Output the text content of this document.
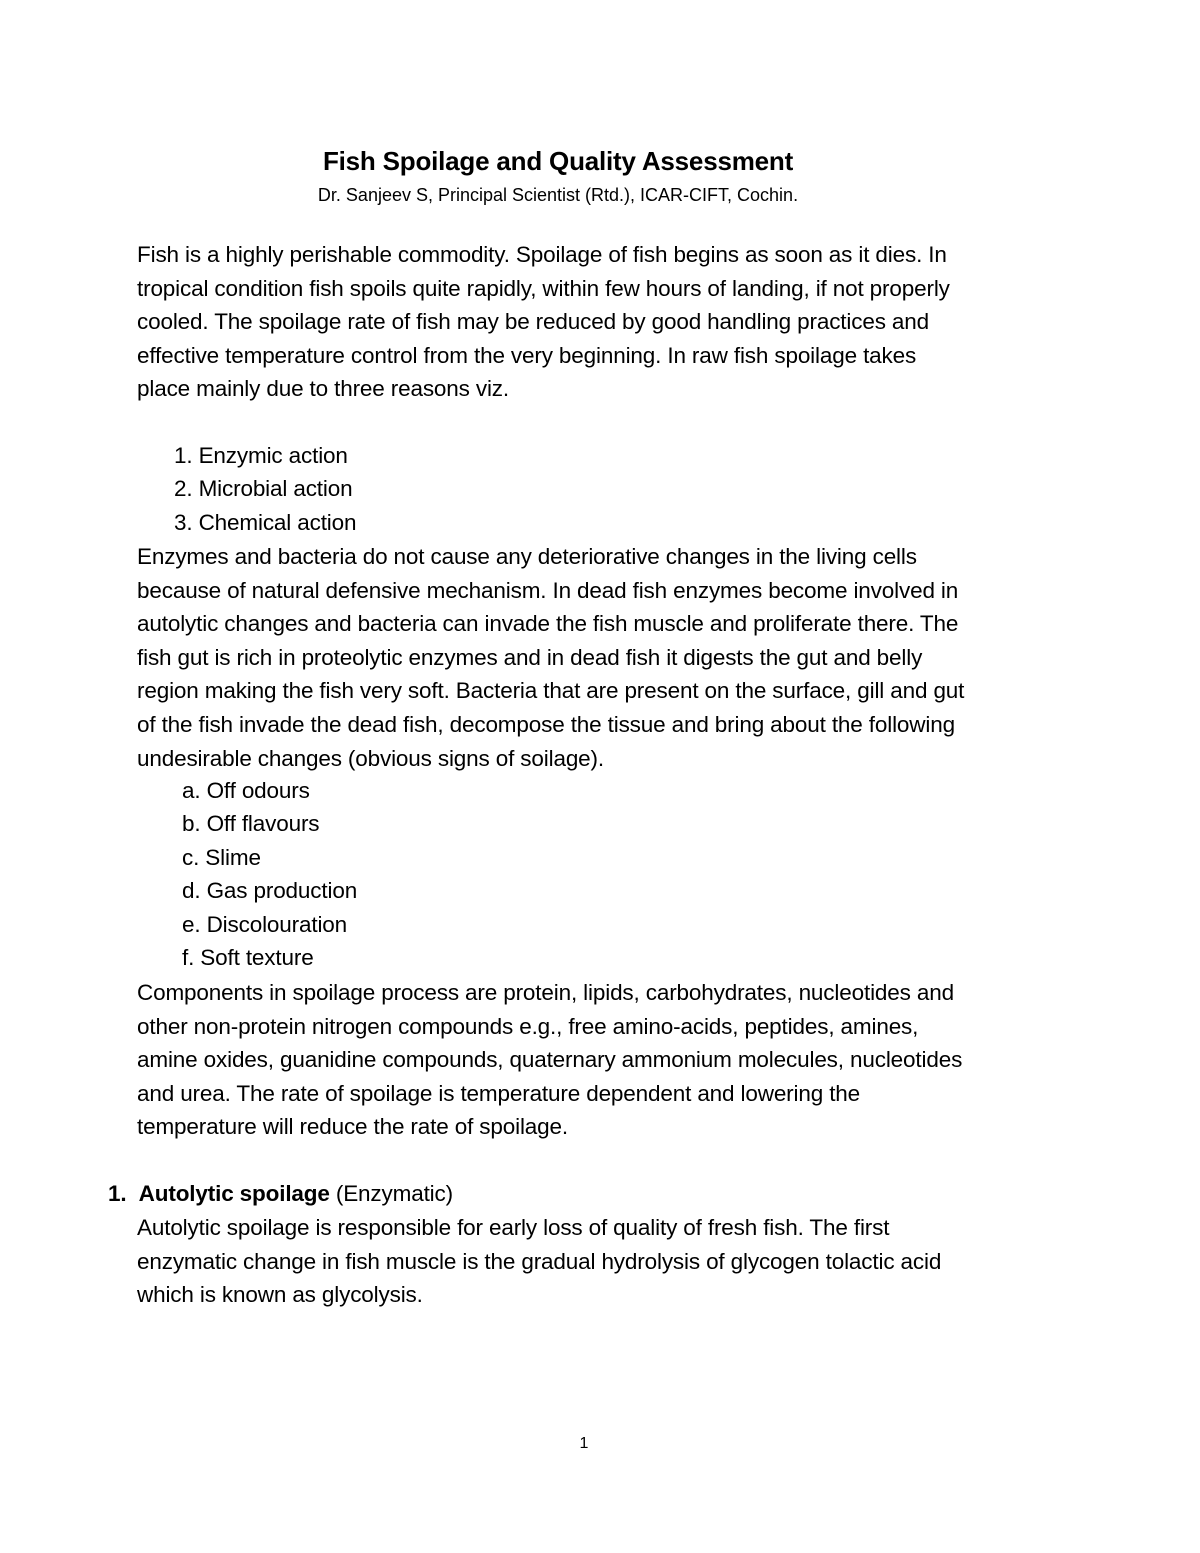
Fish Spoilage and Quality Assessment
Dr. Sanjeev S, Principal Scientist (Rtd.), ICAR-CIFT, Cochin.

Fish is a highly perishable commodity. Spoilage of fish begins as soon as it dies. In

tropical condition fish spoils quite rapidly, within few hours of landing, if not properly

cooled. The spoilage rate of fish may be reduced by good handling practices and

effective temperature control from the very beginning. In raw fish spoilage takes

place mainly due to three reasons viz.

1. Enzymic action
2. Microbial action
3. Chemical action

Enzymes and bacteria do not cause any deteriorative changes in the living cells

because of natural defensive mechanism. In dead fish enzymes become involved in

autolytic changes and bacteria can invade the fish muscle and proliferate there. The

fish gut is rich in proteolytic enzymes and in dead fish it digests the gut and belly

region making the fish very soft. Bacteria that are present on the surface, gill and gut

of the fish invade the dead fish, decompose the tissue and bring about the following

undesirable changes (obvious signs of soilage).

a. Off odours
b. Off flavours
c. Slime
d. Gas production
e. Discolouration
f. Soft texture

Components in spoilage process are protein, lipids, carbohydrates, nucleotides and

other non-protein nitrogen compounds e.g., free amino-acids, peptides, amines,

amine oxides, guanidine compounds, quaternary ammonium molecules, nucleotides

and urea. The rate of spoilage is temperature dependent and lowering the

temperature will reduce the rate of spoilage.

1. Autolytic spoilage (Enzymatic)

Autolytic spoilage is responsible for early loss of quality of fresh fish. The first

enzymatic change in fish muscle is the gradual hydrolysis of glycogen tolactic acid

which is known as glycolysis.

1
